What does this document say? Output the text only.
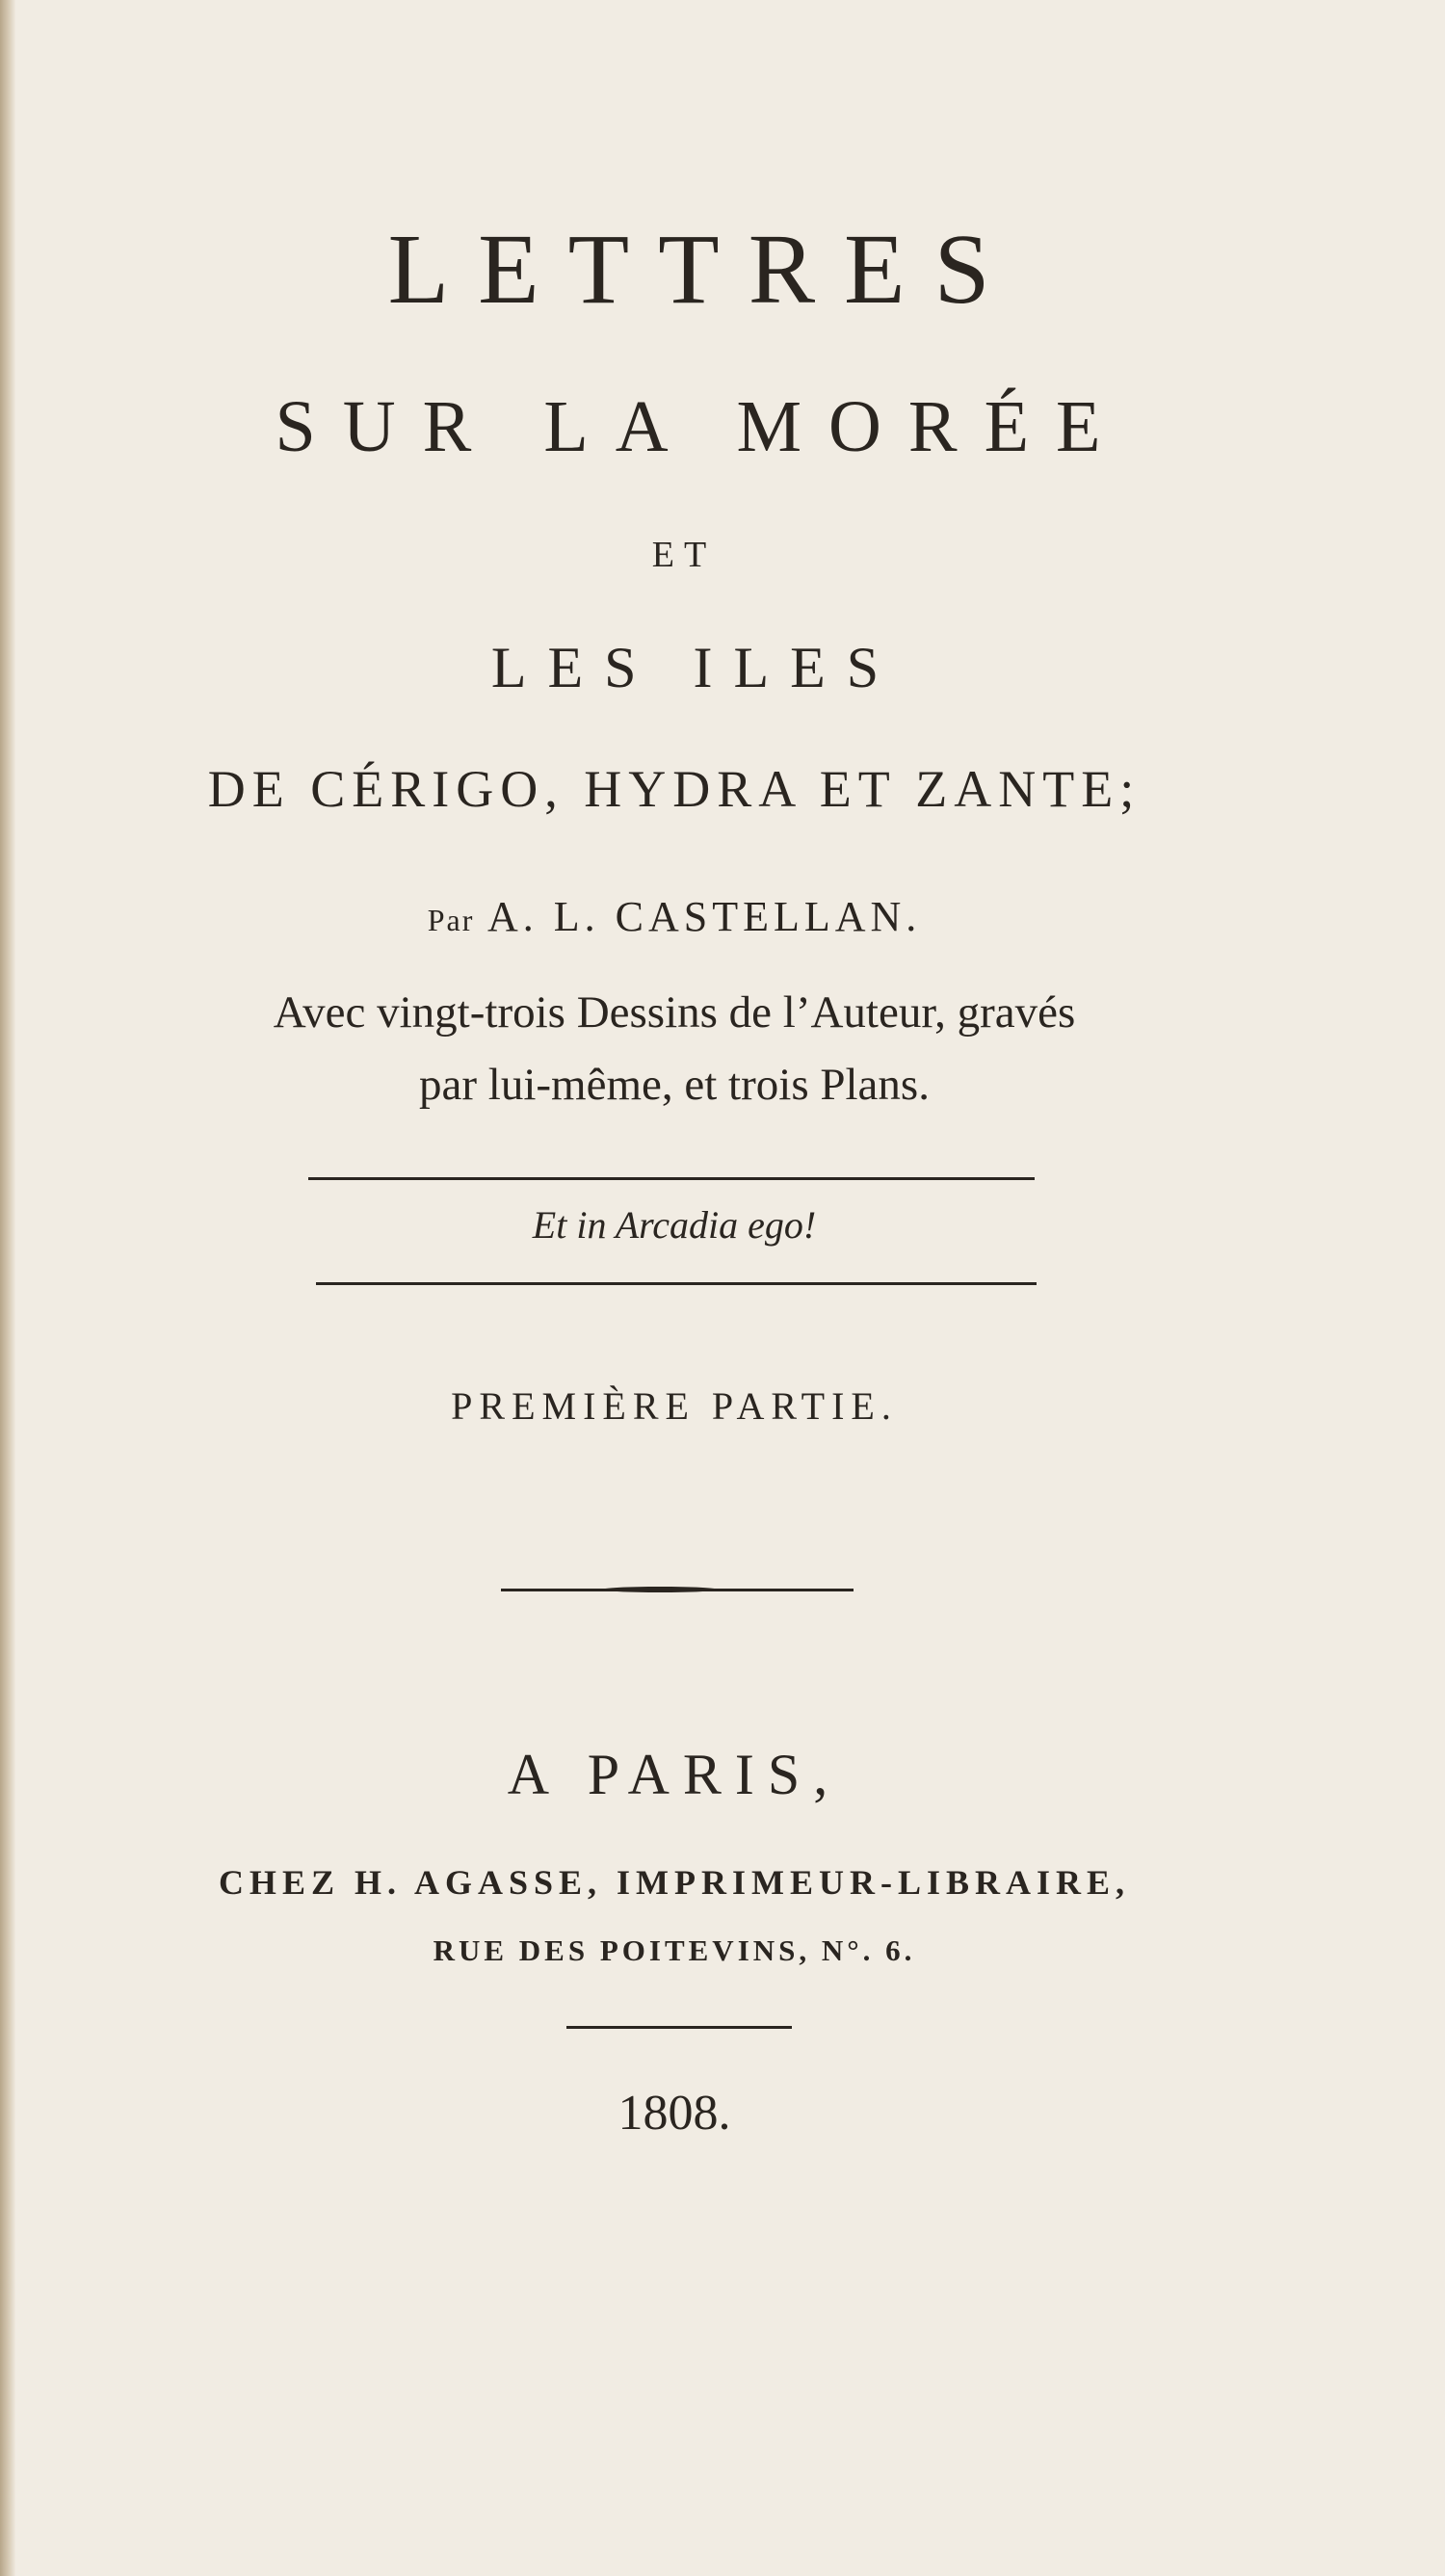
LETTRES
SUR LA MORÉE
ET
LES ILES
DE CÉRIGO, HYDRA ET ZANTE;
Par A. L. CASTELLAN.
Avec vingt-trois Dessins de l’Auteur, gravés
par lui-même, et trois Plans.
Et in Arcadia ego!
PREMIÈRE PARTIE.
A PARIS,
CHEZ H. AGASSE, IMPRIMEUR-LIBRAIRE,
RUE DES POITEVINS, N°. 6.
1808.
